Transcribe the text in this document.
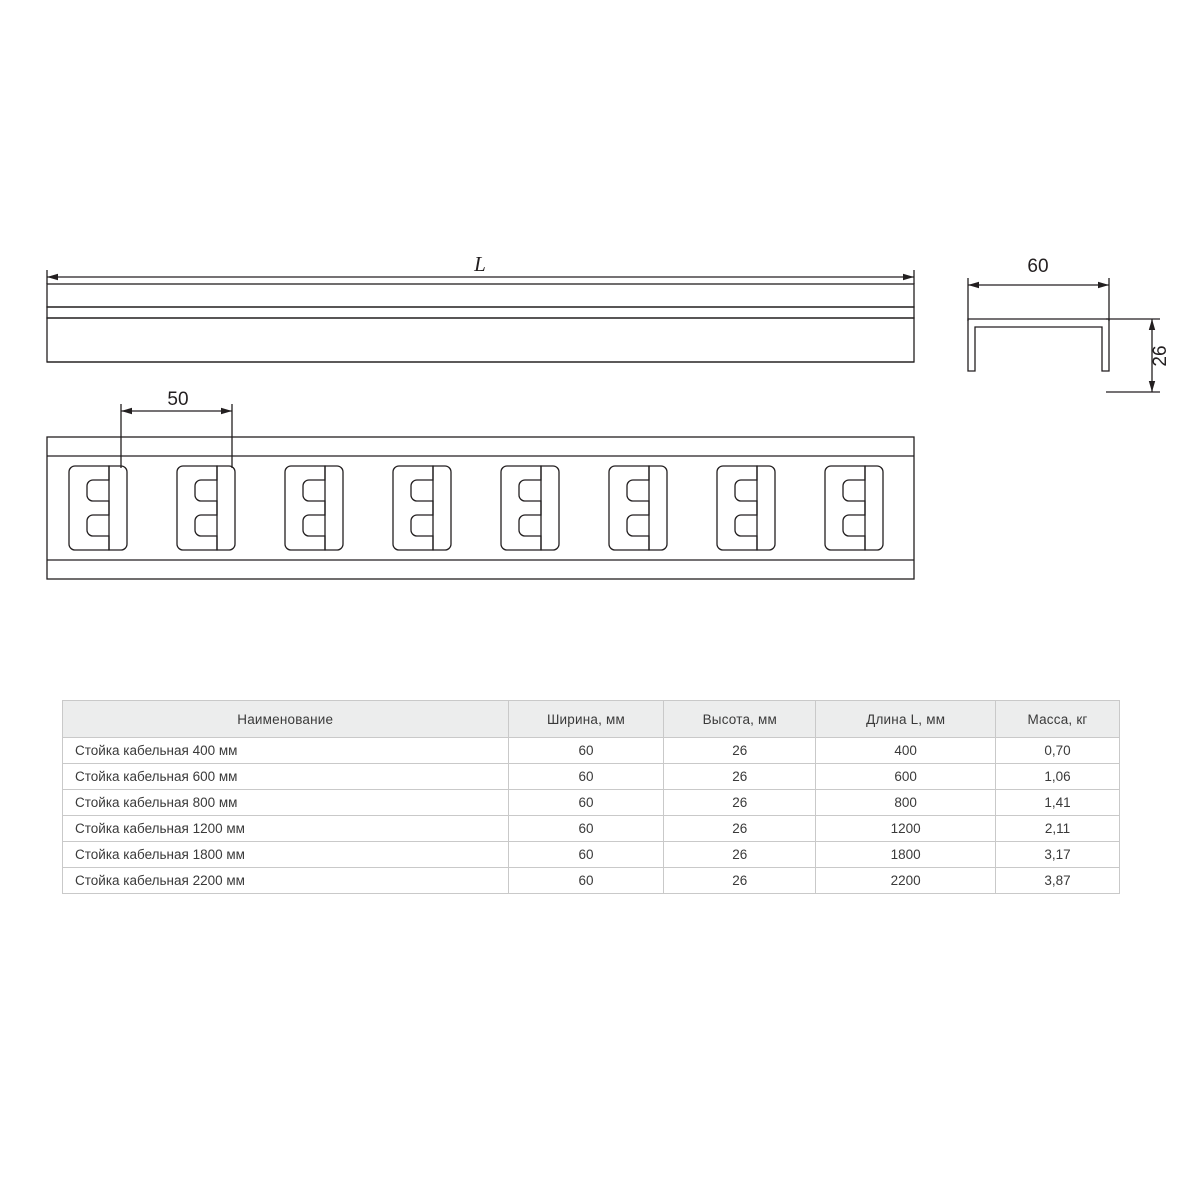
L	60
26
50
Наименование	Ширина, мм	Высота, мм	Длина L, мм	Масса, кг
Стойка кабельная 400 мм	60	26	400	0,70
Стойка кабельная 600 мм	60	26	600	1,06
Стойка кабельная 800 мм	60	26	800	1,41
Стойка кабельная 1200 мм	60	26	1200	2,11
Стойка кабельная 1800 мм	60	26	1800	3,17
Стойка кабельная 2200 мм	60	26	2200	3,87
